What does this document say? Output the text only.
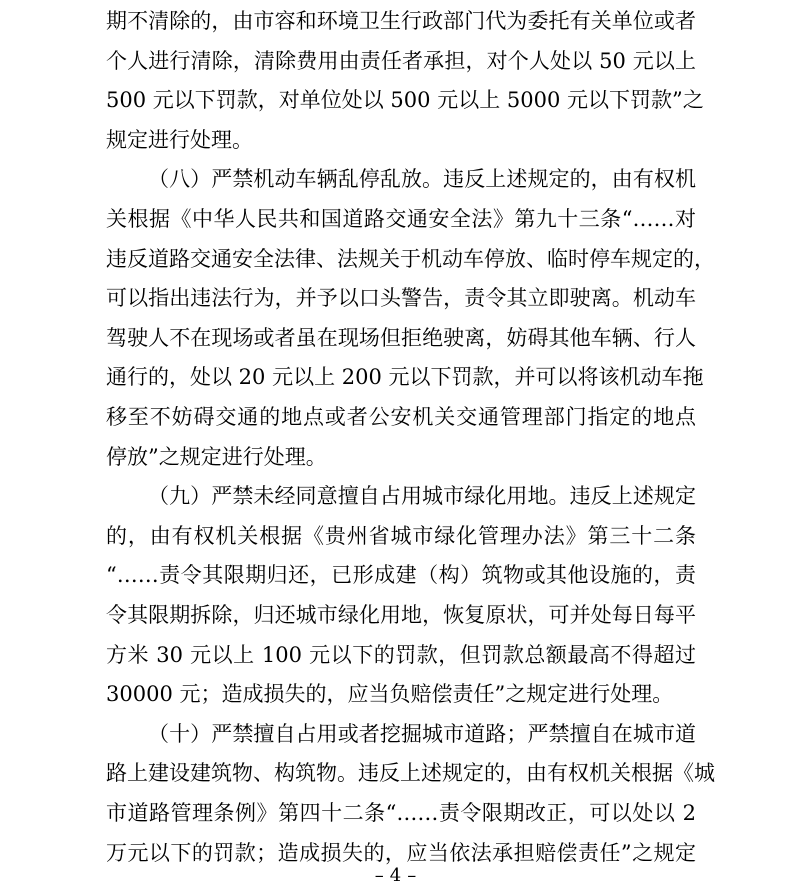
期不清除的，由市容和环境卫生行政部门代为委托有关单位或者
个人进行清除，清除费用由责任者承担，对个人处以 50 元以上
500 元以下罚款，对单位处以 500 元以上 5000 元以下罚款”之
规定进行处理。
（八）严禁机动车辆乱停乱放。违反上述规定的，由有权机
关根据《中华人民共和国道路交通安全法》第九十三条“……对
违反道路交通安全法律、法规关于机动车停放、临时停车规定的，
可以指出违法行为，并予以口头警告，责令其立即驶离。机动车
驾驶人不在现场或者虽在现场但拒绝驶离，妨碍其他车辆、行人
通行的，处以 20 元以上 200 元以下罚款，并可以将该机动车拖
移至不妨碍交通的地点或者公安机关交通管理部门指定的地点
停放”之规定进行处理。
（九）严禁未经同意擅自占用城市绿化用地。违反上述规定
的，由有权机关根据《贵州省城市绿化管理办法》第三十二条
“……责令其限期归还，已形成建（构）筑物或其他设施的，责
令其限期拆除，归还城市绿化用地，恢复原状，可并处每日每平
方米 30 元以上 100 元以下的罚款，但罚款总额最高不得超过
30000 元；造成损失的，应当负赔偿责任”之规定进行处理。
（十）严禁擅自占用或者挖掘城市道路；严禁擅自在城市道
路上建设建筑物、构筑物。违反上述规定的，由有权机关根据《城
市道路管理条例》第四十二条“……责令限期改正，可以处以 2
万元以下的罚款；造成损失的，应当依法承担赔偿责任”之规定
– 4 –
